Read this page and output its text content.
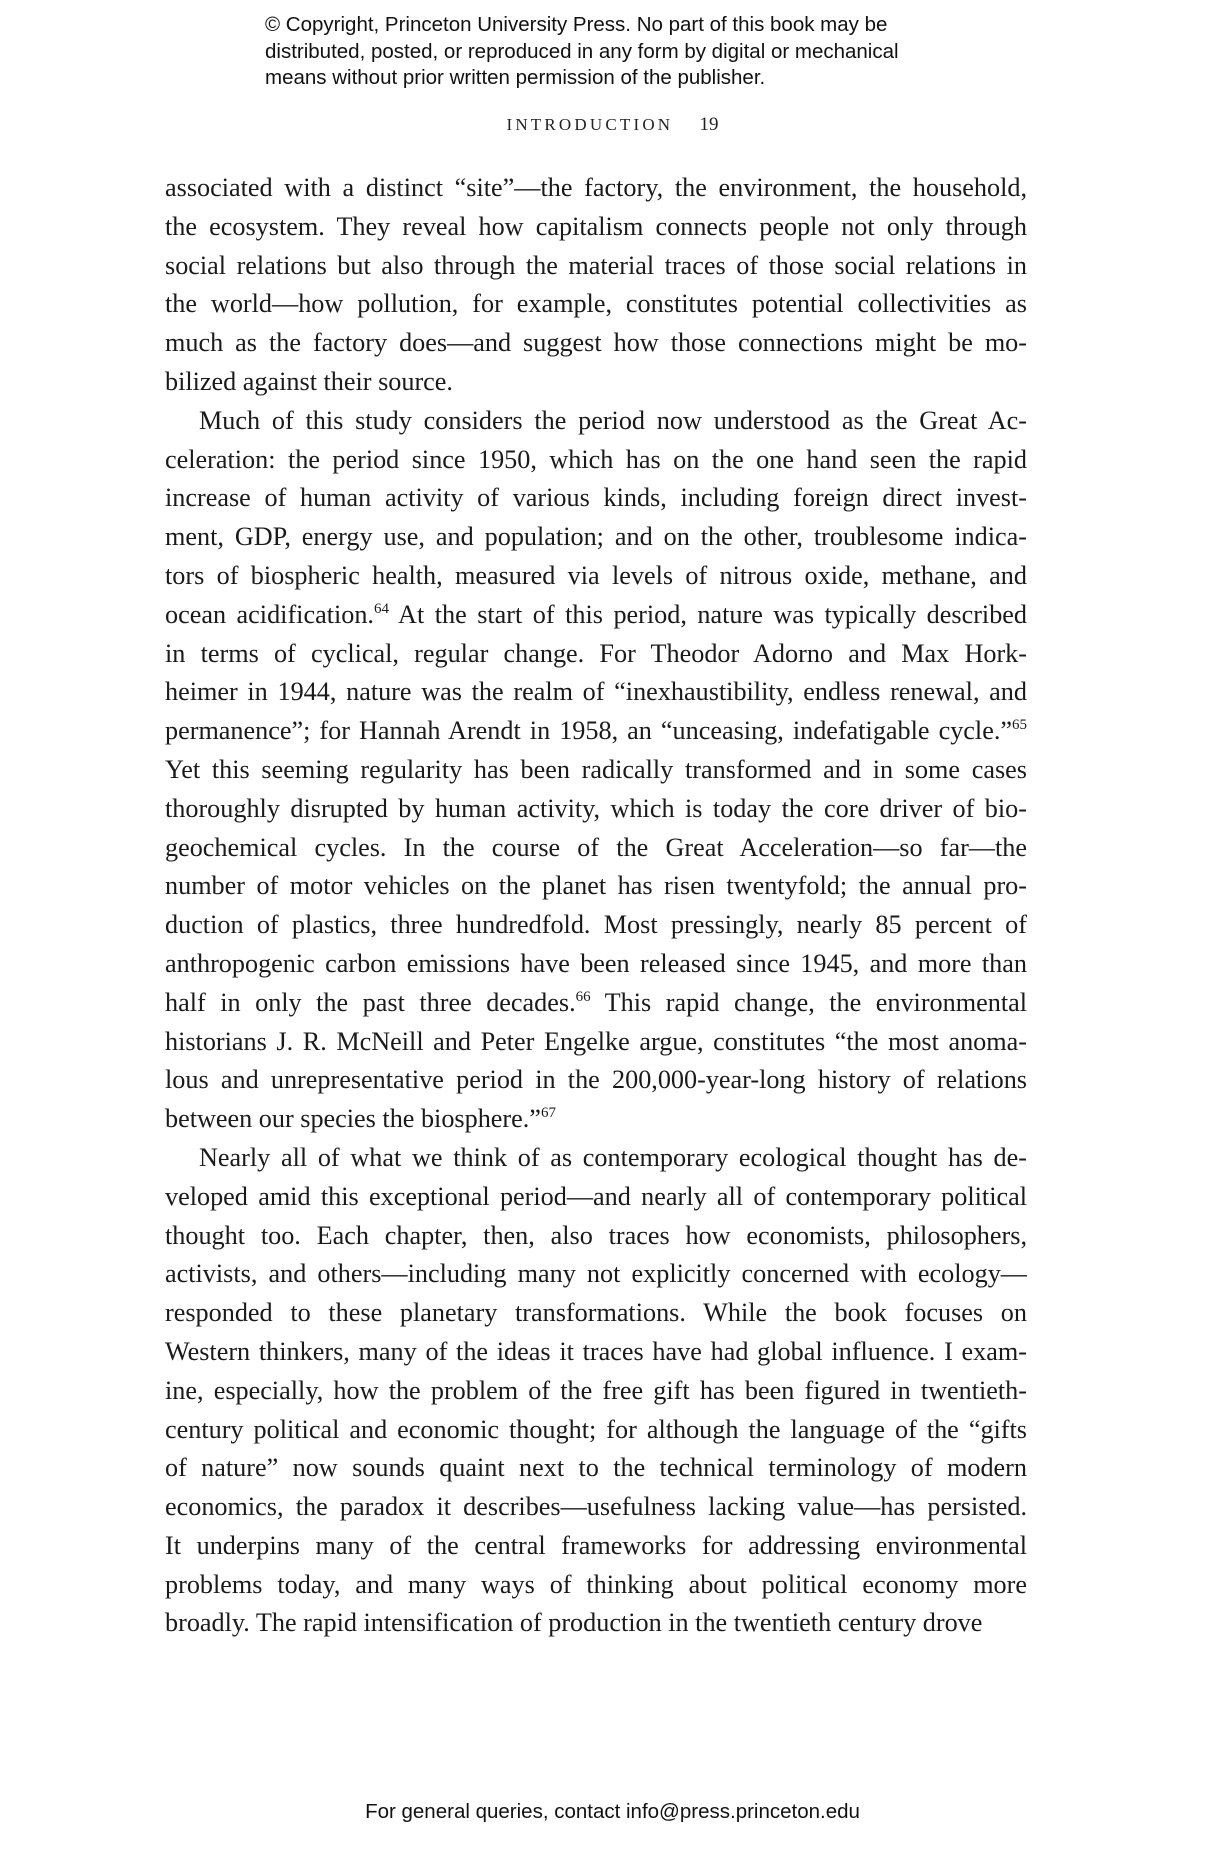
© Copyright, Princeton University Press. No part of this book may be
distributed, posted, or reproduced in any form by digital or mechanical
means without prior written permission of the publisher.
INTRODUCTION 19
associated with a distinct “site”—the factory, the environment, the household,
the ecosystem. They reveal how capitalism connects people not only through
social relations but also through the material traces of those social relations in
the world—how pollution, for example, constitutes potential collectivities as
much as the factory does—and suggest how those connections might be mo-
bilized against their source.
Much of this study considers the period now understood as the Great Ac-
celeration: the period since 1950, which has on the one hand seen the rapid
increase of human activity of various kinds, including foreign direct invest-
ment, GDP, energy use, and population; and on the other, troublesome indica-
tors of biospheric health, measured via levels of nitrous oxide, methane, and
ocean acidification.$^{64}$ At the start of this period, nature was typically described
in terms of cyclical, regular change. For Theodor Adorno and Max Hork-
heimer in 1944, nature was the realm of “inexhaustibility, endless renewal, and
permanence”; for Hannah Arendt in 1958, an “unceasing, indefatigable cycle.”$^{65}$
Yet this seeming regularity has been radically transformed and in some cases
thoroughly disrupted by human activity, which is today the core driver of bio-
geochemical cycles. In the course of the Great Acceleration—so far—the
number of motor vehicles on the planet has risen twentyfold; the annual pro-
duction of plastics, three hundredfold. Most pressingly, nearly 85 percent of
anthropogenic carbon emissions have been released since 1945, and more than
half in only the past three decades.$^{66}$ This rapid change, the environmental
historians J. R. McNeill and Peter Engelke argue, constitutes “the most anoma-
lous and unrepresentative period in the 200,000-year-long history of relations
between our species the biosphere.”$^{67}$
Nearly all of what we think of as contemporary ecological thought has de-
veloped amid this exceptional period—and nearly all of contemporary political
thought too. Each chapter, then, also traces how economists, philosophers,
activists, and others—including many not explicitly concerned with ecology—
responded to these planetary transformations. While the book focuses on
Western thinkers, many of the ideas it traces have had global influence. I exam-
ine, especially, how the problem of the free gift has been figured in twentieth-
century political and economic thought; for although the language of the “gifts
of nature” now sounds quaint next to the technical terminology of modern
economics, the paradox it describes—usefulness lacking value—has persisted.
It underpins many of the central frameworks for addressing environmental
problems today, and many ways of thinking about political economy more
broadly. The rapid intensification of production in the twentieth century drove
For general queries, contact info@press.princeton.edu
